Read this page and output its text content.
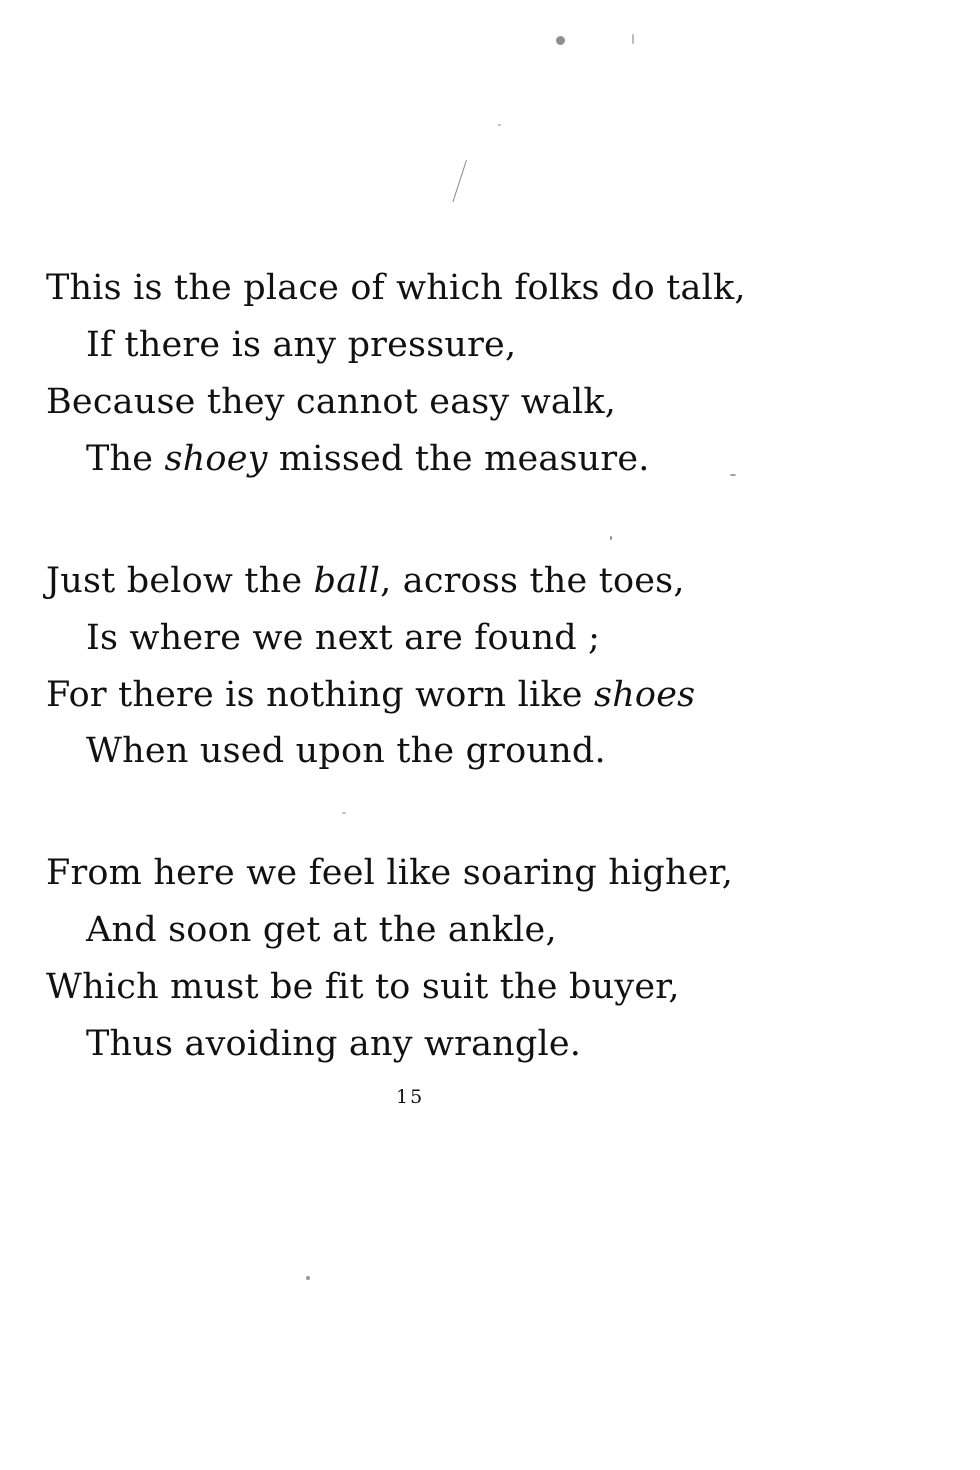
This is the place of which folks do talk,
If there is any pressure,
Because they cannot easy walk,
The shoey missed the measure.
Just below the ball, across the toes,
Is where we next are found ;
For there is nothing worn like shoes
When used upon the ground.
From here we feel like soaring higher,
And soon get at the ankle,
Which must be fit to suit the buyer,
Thus avoiding any wrangle.
15
